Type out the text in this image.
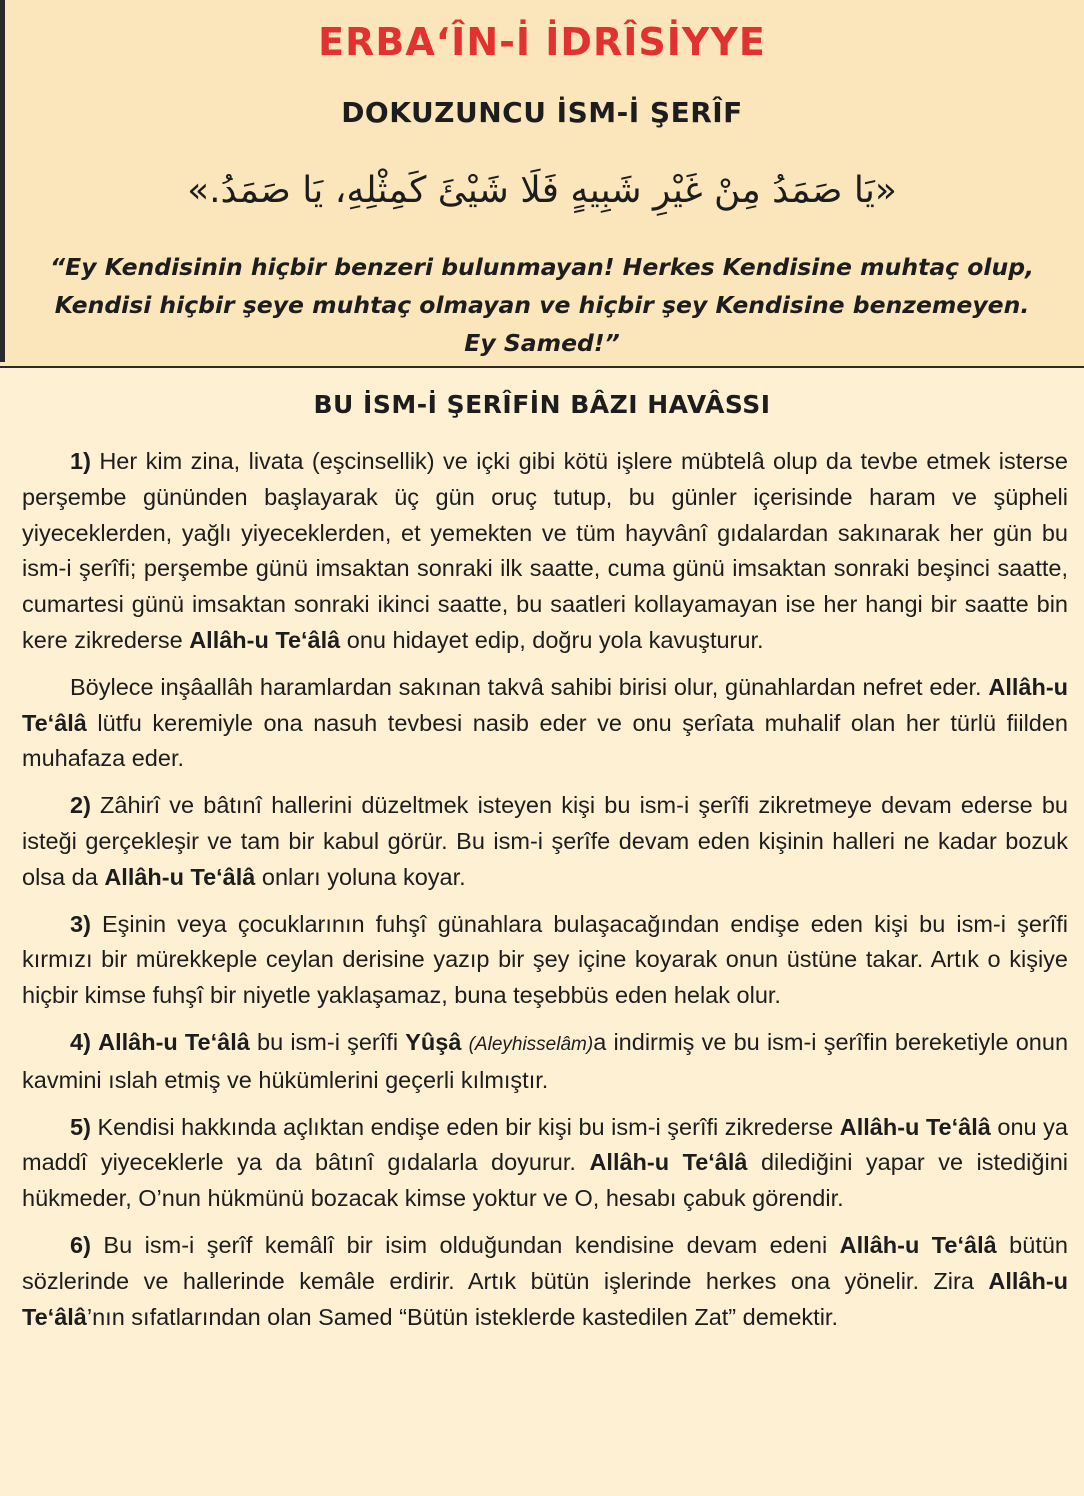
ERBA‘ÎN-İ İDRÎSİYYE
DOKUZUNCU İSM-İ ŞERÎF
«يَا صَمَدُ مِنْ غَيْرِ شَبِيهٍ فَلَا شَيْئَ كَمِثْلِهِ، يَا صَمَدُ.»
“Ey Kendisinin hiçbir benzeri bulunmayan! Herkes Kendisine muhtaç olup,
Kendisi hiçbir şeye muhtaç olmayan ve hiçbir şey Kendisine benzemeyen.
Ey Samed!”
BU İSM-İ ŞERÎFİN BÂZI HAVÂSSI

1) Her kim zina, livata (eşcinsellik) ve içki gibi kötü işlere mübtelâ olup da tevbe etmek isterse perşembe gününden başlayarak üç gün oruç tutup, bu günler içerisinde haram ve şüpheli yiyeceklerden, yağlı yiyeceklerden, et yemekten ve tüm hayvânî gıdalardan sakınarak her gün bu ism-i şerîfi; perşembe günü imsaktan sonraki ilk saatte, cuma günü imsaktan sonraki beşinci saatte, cumartesi günü imsaktan sonraki ikinci saatte, bu saatleri kollayamayan ise her hangi bir saatte bin kere zikrederse Allâh-u Te‘âlâ onu hidayet edip, doğru yola kavuşturur.

Böylece inşâallâh haramlardan sakınan takvâ sahibi birisi olur, günahlardan nefret eder. Allâh-u Te‘âlâ lütfu keremiyle ona nasuh tevbesi nasib eder ve onu şerîata muhalif olan her türlü fiilden muhafaza eder.

2) Zâhirî ve bâtınî hallerini düzeltmek isteyen kişi bu ism-i şerîfi zikretmeye devam ederse bu isteği gerçekleşir ve tam bir kabul görür. Bu ism-i şerîfe devam eden kişinin halleri ne kadar bozuk olsa da Allâh-u Te‘âlâ onları yoluna koyar.

3) Eşinin veya çocuklarının fuhşî günahlara bulaşacağından endişe eden kişi bu ism-i şerîfi kırmızı bir mürekkeple ceylan derisine yazıp bir şey içine koyarak onun üstüne takar. Artık o kişiye hiçbir kimse fuhşî bir niyetle yaklaşamaz, buna teşebbüs eden helak olur.

4) Allâh-u Te‘âlâ bu ism-i şerîfi Yûşâ (Aleyhisselâm)a indirmiş ve bu ism-i şerîfin bereketiyle onun kavmini ıslah etmiş ve hükümlerini geçerli kılmıştır.

5) Kendisi hakkında açlıktan endişe eden bir kişi bu ism-i şerîfi zikrederse Allâh-u Te‘âlâ onu ya maddî yiyeceklerle ya da bâtınî gıdalarla doyurur. Allâh-u Te‘âlâ dilediğini yapar ve istediğini hükmeder, O’nun hükmünü bozacak kimse yoktur ve O, hesabı çabuk görendir.

6) Bu ism-i şerîf kemâlî bir isim olduğundan kendisine devam edeni Allâh-u Te‘âlâ bütün sözlerinde ve hallerinde kemâle erdirir. Artık bütün işlerinde herkes ona yönelir. Zira Allâh-u Te‘âlâ’nın sıfatlarından olan Samed “Bütün isteklerde kastedilen Zat” demektir.
